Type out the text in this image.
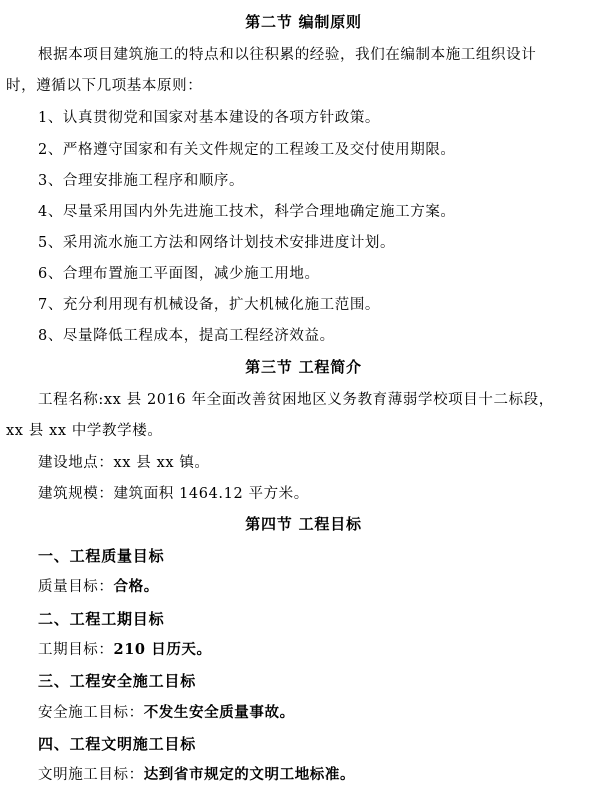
第二节 编制原则
根据本项目建筑施工的特点和以往积累的经验，我们在编制本施工组织设计
时，遵循以下几项基本原则：
1、认真贯彻党和国家对基本建设的各项方针政策。
2、严格遵守国家和有关文件规定的工程竣工及交付使用期限。
3、合理安排施工程序和顺序。
4、尽量采用国内外先进施工技术，科学合理地确定施工方案。
5、采用流水施工方法和网络计划技术安排进度计划。
6、合理布置施工平面图，减少施工用地。
7、充分利用现有机械设备，扩大机械化施工范围。
8、尽量降低工程成本，提高工程经济效益。
第三节 工程简介
工程名称:xx 县 2016 年全面改善贫困地区义务教育薄弱学校项目十二标段，
xx 县 xx 中学教学楼。
建设地点：xx 县 xx 镇。
建筑规模：建筑面积 1464.12 平方米。
第四节 工程目标
一、工程质量目标
质量目标：合格。
二、工程工期目标
工期目标：210 日历天。
三、工程安全施工目标
安全施工目标：不发生安全质量事故。
四、工程文明施工目标
文明施工目标：达到省市规定的文明工地标准。
